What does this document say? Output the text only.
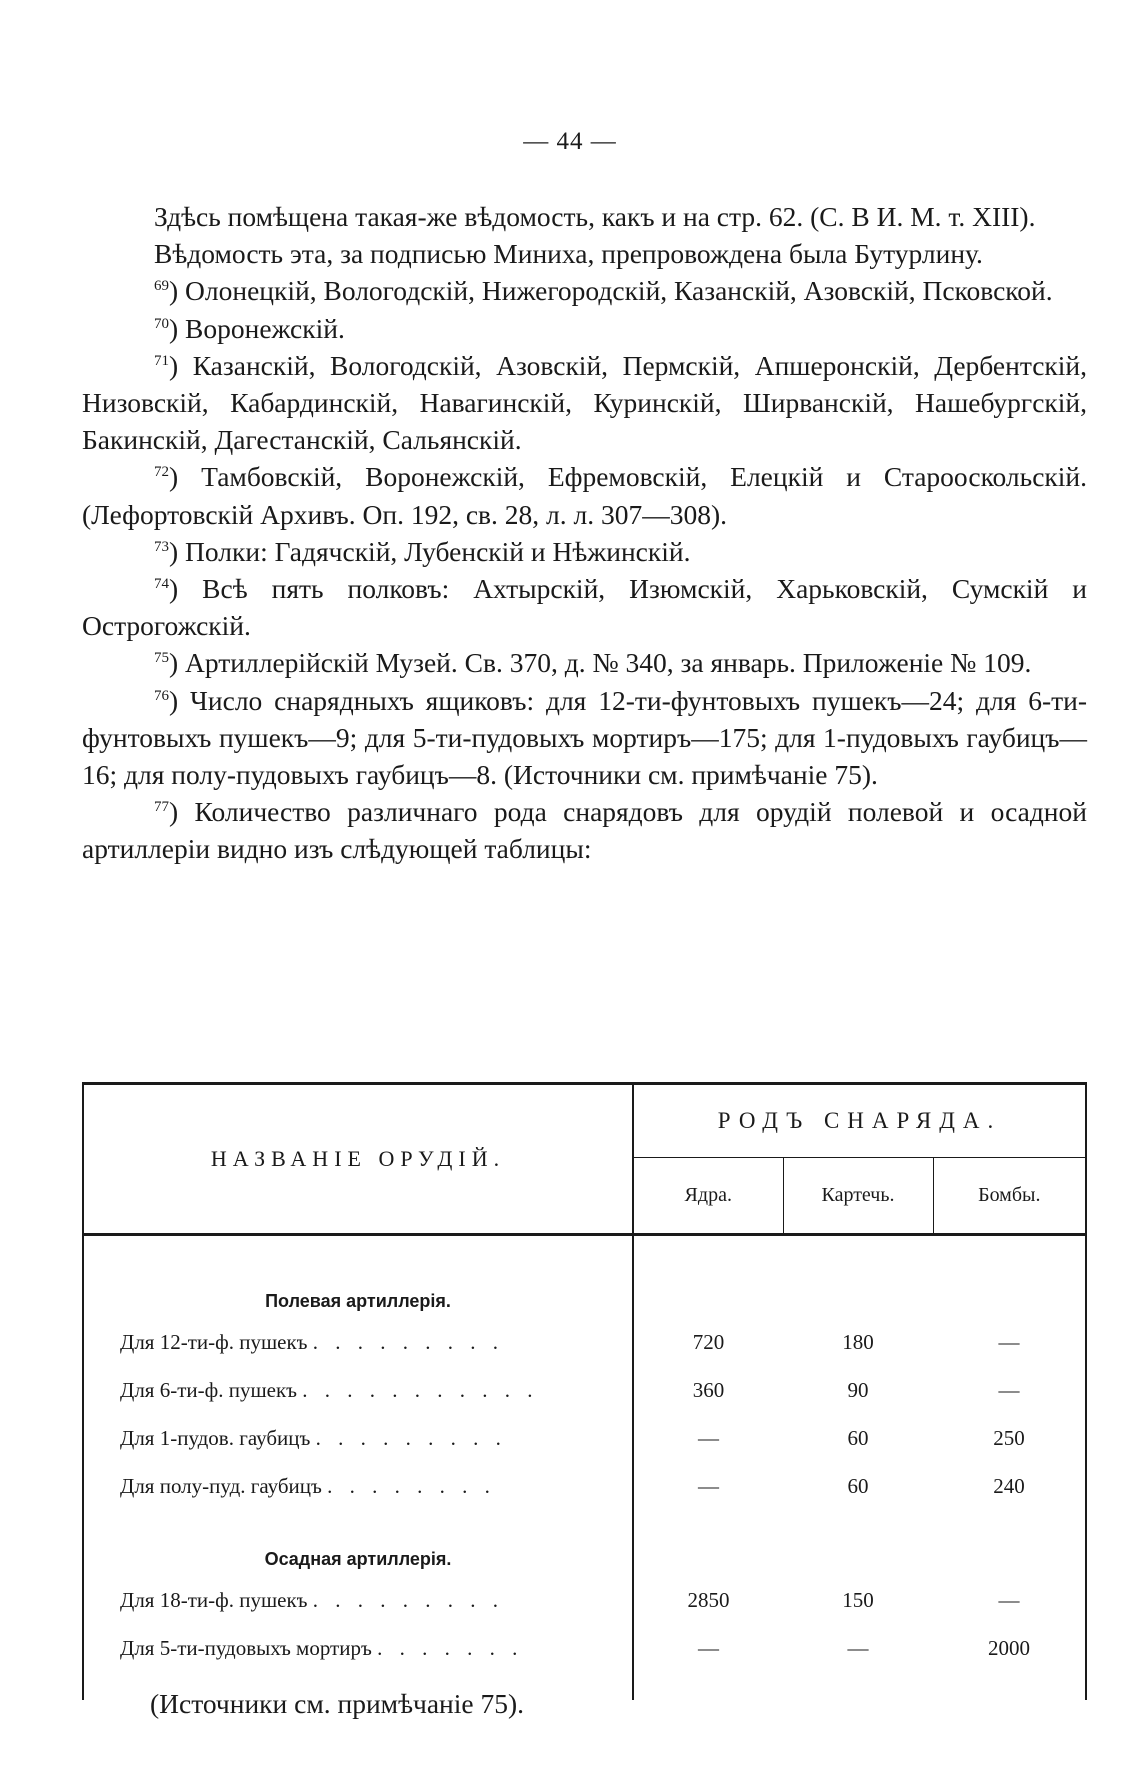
— 44 —

Здѣсь помѣщена такая-же вѣдомость, какъ и на стр. 62. (С. В И. М. т. XIII).

Вѣдомость эта, за подписью Миниха, препровождена была Бутурлину.

$^{69}$) Олонецкій, Вологодскій, Нижегородскій, Казанскій, Азовскій, Псковской.

$^{70}$) Воронежскій.

$^{71}$) Казанскій, Вологодскій, Азовскій, Пермскій, Апшеронскій, Дербентскій, Низовскій, Кабардинскій, Навагинскій, Куринскій, Ширванскій, Нашебургскій, Бакинскій, Дагестанскій, Сальянскій.

$^{72}$) Тамбовскій, Воронежскій, Ефремовскій, Елецкій и Старооскольскій. (Лефортовскій Архивъ. Оп. 192, св. 28, л. л. 307—308).

$^{73}$) Полки: Гадячскій, Лубенскій и Нѣжинскій.

$^{74}$) Всѣ пять полковъ: Ахтырскій, Изюмскій, Харьковскій, Сумскій и Острогожскій.

$^{75}$) Артиллерійскій Музей. Св. 370, д. № 340, за январь. Приложеніе № 109.

$^{76}$) Число снарядныхъ ящиковъ: для 12-ти-фунтовыхъ пушекъ—24; для 6-ти-фунтовыхъ пушекъ—9; для 5-ти-пудовыхъ мортиръ—175; для 1-пудовыхъ гаубицъ—16; для полу-пудовыхъ гаубицъ—8. (Источники см. примѣчаніе 75).

$^{77}$) Количество различнаго рода снарядовъ для орудій полевой и осадной артиллеріи видно изъ слѣдующей таблицы:

НАЗВАНІЕ ОРУДІЙ.	РОДЪ СНАРЯДА.		
	Ядра.	Картечь.	Бомбы.

Полевая артиллерія.			
Для 12-ти-ф. пушекъ . . . . . . . . .	720	180	—
Для 6-ти-ф. пушекъ . . . . . . . . . . .	360	90	—
Для 1-пудов. гаубицъ . . . . . . . . .	—	60	250
Для полу-пуд. гаубицъ . . . . . . . .	—	60	240
Осадная артиллерія.			
Для 18-ти-ф. пушекъ . . . . . . . . .	2850	150	—
Для 5-ти-пудовыхъ мортиръ . . . . . . .	—	—	2000

(Источники см. примѣчаніе 75).
